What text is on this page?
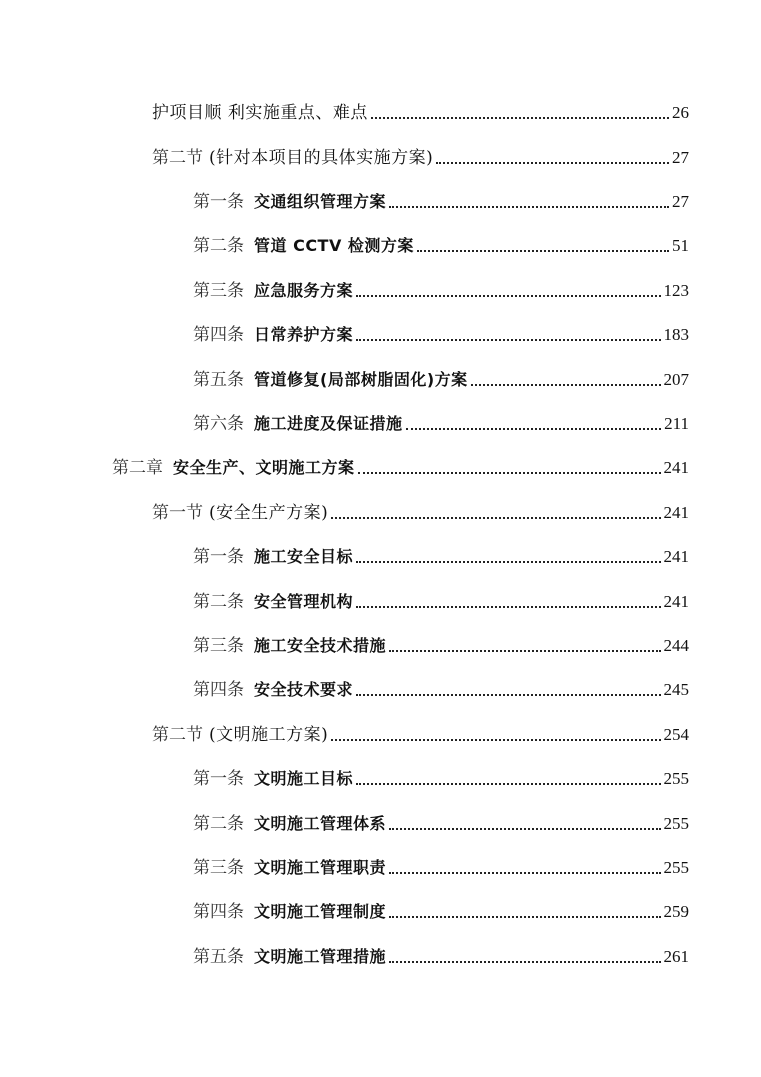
护项目顺 利实施重点、难点	26
第二节 (针对本项目的具体实施方案)	27
第一条 交通组织管理方案	27
第二条 管道 CCTV 检测方案	51
第三条 应急服务方案	123
第四条 日常养护方案	183
第五条 管道修复(局部树脂固化)方案	207
第六条 施工进度及保证措施	211
第二章 安全生产、文明施工方案	241
第一节 (安全生产方案)	241
第一条 施工安全目标	241
第二条 安全管理机构	241
第三条 施工安全技术措施	244
第四条 安全技术要求	245
第二节 (文明施工方案)	254
第一条 文明施工目标	255
第二条 文明施工管理体系	255
第三条 文明施工管理职责	255
第四条 文明施工管理制度	259
第五条 文明施工管理措施	261
